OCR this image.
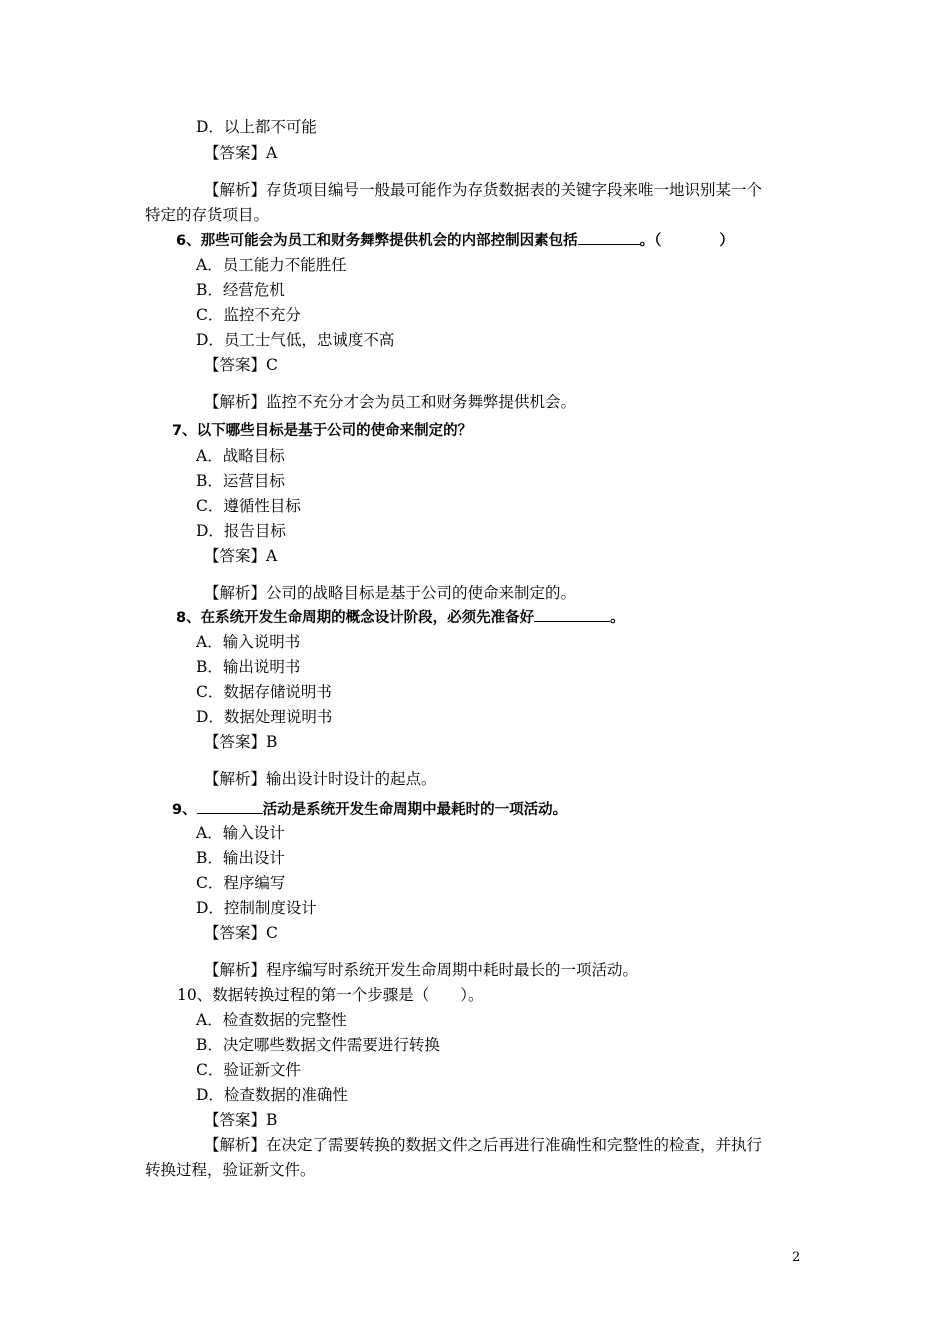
D．以上都不可能
【答案】A
【解析】存货项目编号一般最可能作为存货数据表的关键字段来唯一地识别某一个
特定的存货项目。
6、那些可能会为员工和财务舞弊提供机会的内部控制因素包括	。（　　　　）
A．员工能力不能胜任
B．经营危机
C．监控不充分
D．员工士气低，忠诚度不高
【答案】C
【解析】监控不充分才会为员工和财务舞弊提供机会。
7、以下哪些目标是基于公司的使命来制定的？
A．战略目标
B．运营目标
C．遵循性目标
D．报告目标
【答案】A
【解析】公司的战略目标是基于公司的使命来制定的。
8、在系统开发生命周期的概念设计阶段，必须先准备好	。
A．输入说明书
B．输出说明书
C．数据存储说明书
D．数据处理说明书
【答案】B
【解析】输出设计时设计的起点。
9、	活动是系统开发生命周期中最耗时的一项活动。
A．输入设计
B．输出设计
C．程序编写
D．控制制度设计
【答案】C
【解析】程序编写时系统开发生命周期中耗时最长的一项活动。
10、数据转换过程的第一个步骤是（　　）。
A．检查数据的完整性
B．决定哪些数据文件需要进行转换
C．验证新文件
D．检查数据的准确性
【答案】B
【解析】在决定了需要转换的数据文件之后再进行准确性和完整性的检查，并执行
转换过程，验证新文件。
2
